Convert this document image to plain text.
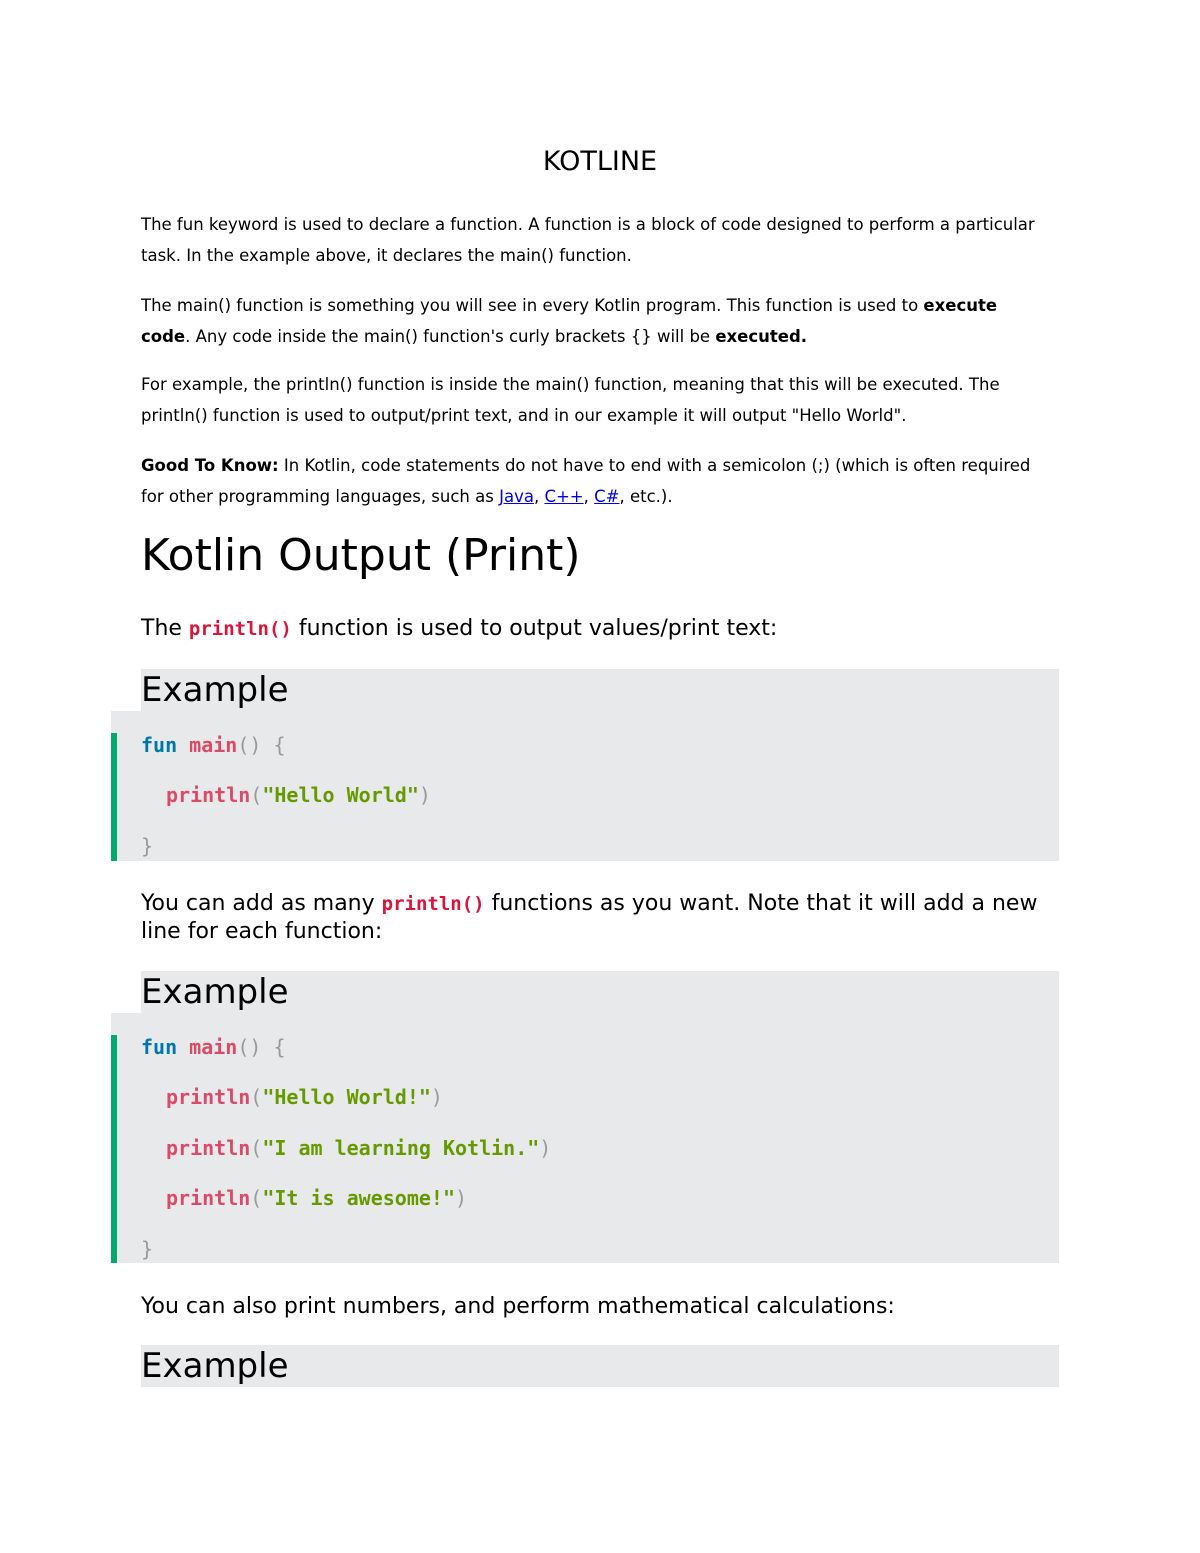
KOTLINE

The fun keyword is used to declare a function. A function is a block of code designed to perform a particular task. In the example above, it declares the main() function.

The main() function is something you will see in every Kotlin program. This function is used to execute code. Any code inside the main() function's curly brackets {} will be executed.

For example, the println() function is inside the main() function, meaning that this will be executed. The println() function is used to output/print text, and in our example it will output "Hello World".

Good To Know: In Kotlin, code statements do not have to end with a semicolon (;) (which is often required for other programming languages, such as Java, C++, C#, etc.).

Kotlin Output (Print)

The println() function is used to output values/print text:

Example
fun main() {
println("Hello World")
}

You can add as many println() functions as you want. Note that it will add a new line for each function:

Example
fun main() {
println("Hello World!")
println("I am learning Kotlin.")
println("It is awesome!")
}

You can also print numbers, and perform mathematical calculations:

Example
